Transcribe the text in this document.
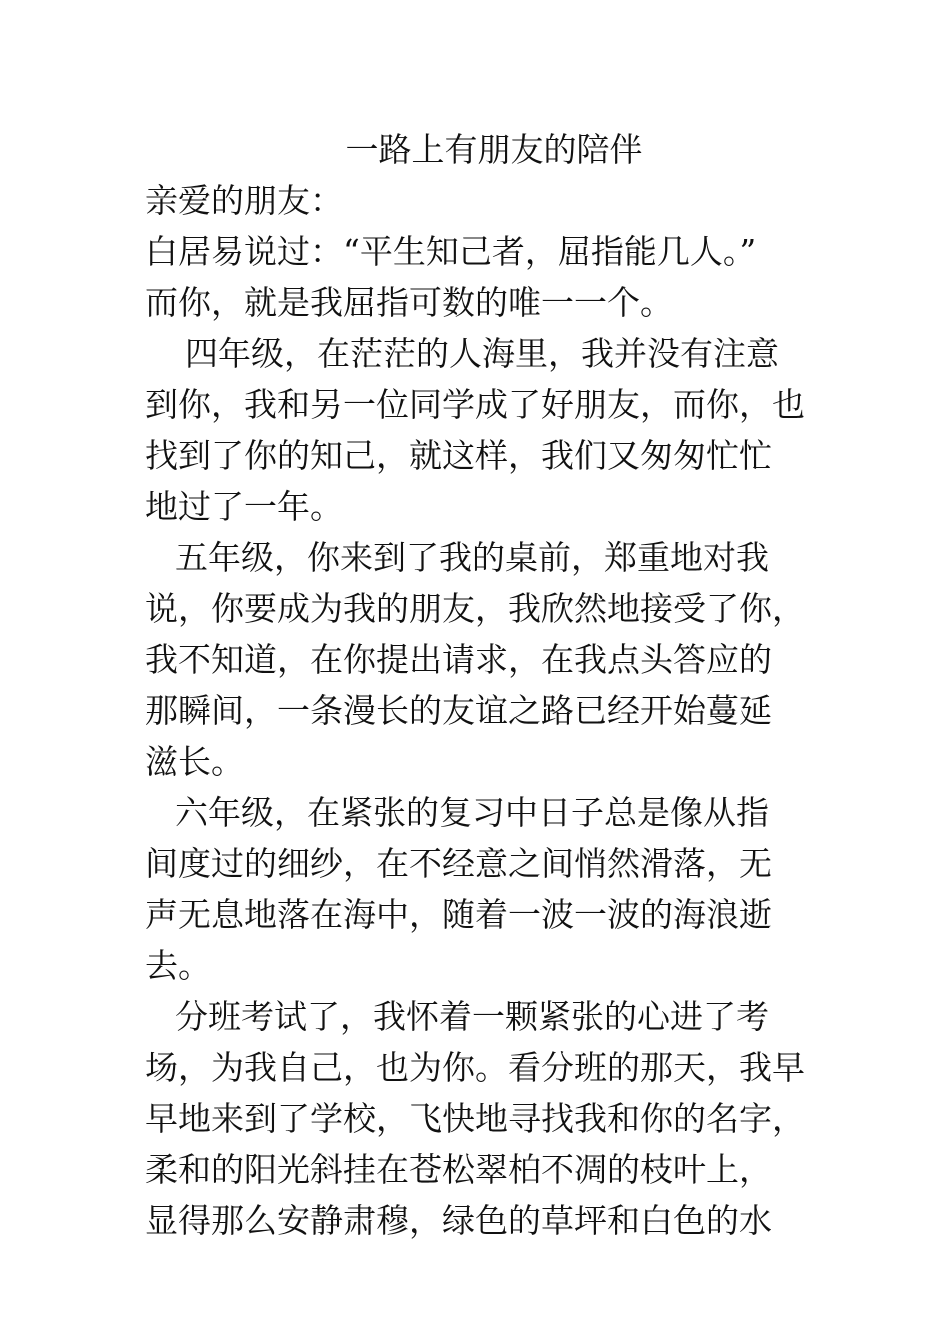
一路上有朋友的陪伴
亲爱的朋友：
白居易说过：“平生知己者，屈指能几人。”
而你，就是我屈指可数的唯一一个。
四年级，在茫茫的人海里，我并没有注意
到你，我和另一位同学成了好朋友，而你，也
找到了你的知己，就这样，我们又匆匆忙忙
地过了一年。
五年级，你来到了我的桌前，郑重地对我
说，你要成为我的朋友，我欣然地接受了你，
我不知道，在你提出请求，在我点头答应的
那瞬间，一条漫长的友谊之路已经开始蔓延
滋长。
六年级，在紧张的复习中日子总是像从指
间度过的细纱，在不经意之间悄然滑落，无
声无息地落在海中，随着一波一波的海浪逝
去。
分班考试了，我怀着一颗紧张的心进了考
场，为我自己，也为你。看分班的那天，我早
早地来到了学校，飞快地寻找我和你的名字，
柔和的阳光斜挂在苍松翠柏不凋的枝叶上，
显得那么安静肃穆，绿色的草坪和白色的水
